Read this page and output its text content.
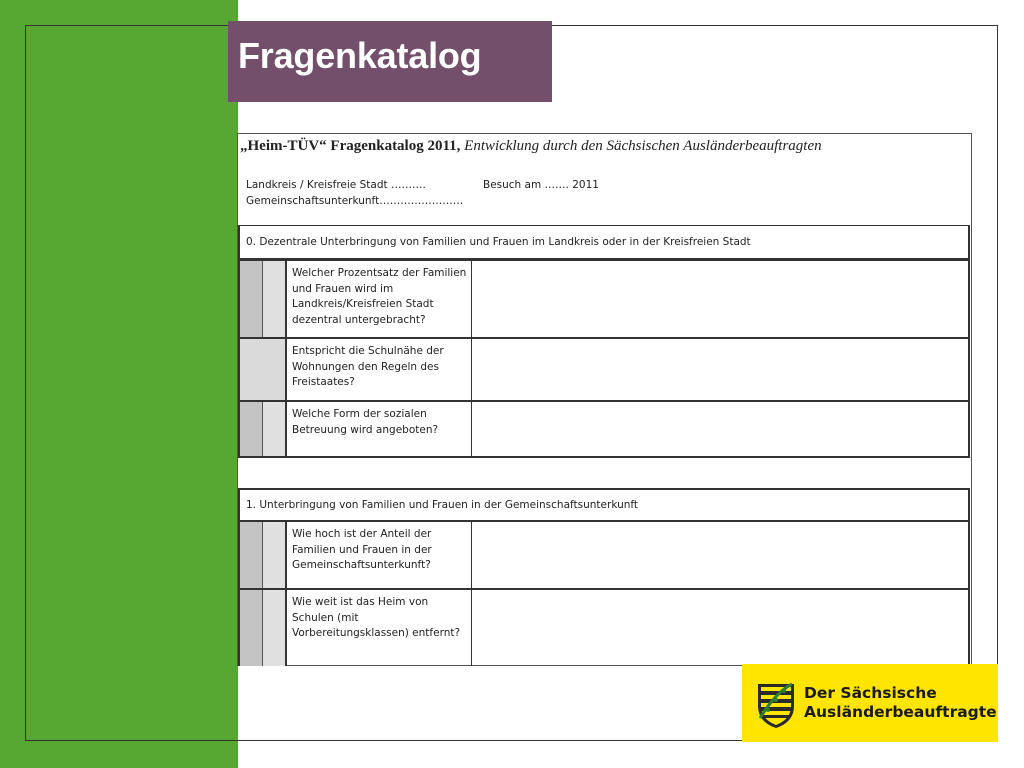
Fragenkatalog
„Heim-TÜV“ Fragenkatalog 2011, Entwicklung durch den Sächsischen Ausländerbeauftragten
Landkreis / Kreisfreie Stadt ……….	Besuch am ……. 2011
Gemeinschaftsunterkunft……………………
0. Dezentrale Unterbringung von Familien und Frauen im Landkreis oder in der Kreisfreien Stadt
Welcher Prozentsatz der Familien und Frauen wird im Landkreis/Kreisfreien Stadt dezentral untergebracht?
Entspricht die Schulnähe der Wohnungen den Regeln des Freistaates?
Welche Form der sozialen Betreuung wird angeboten?
1. Unterbringung von Familien und Frauen in der Gemeinschaftsunterkunft
Wie hoch ist der Anteil der Familien und Frauen in der Gemeinschaftsunterkunft?
Wie weit ist das Heim von Schulen (mit Vorbereitungsklassen) entfernt?
Der Sächsische
Ausländerbeauftragte
